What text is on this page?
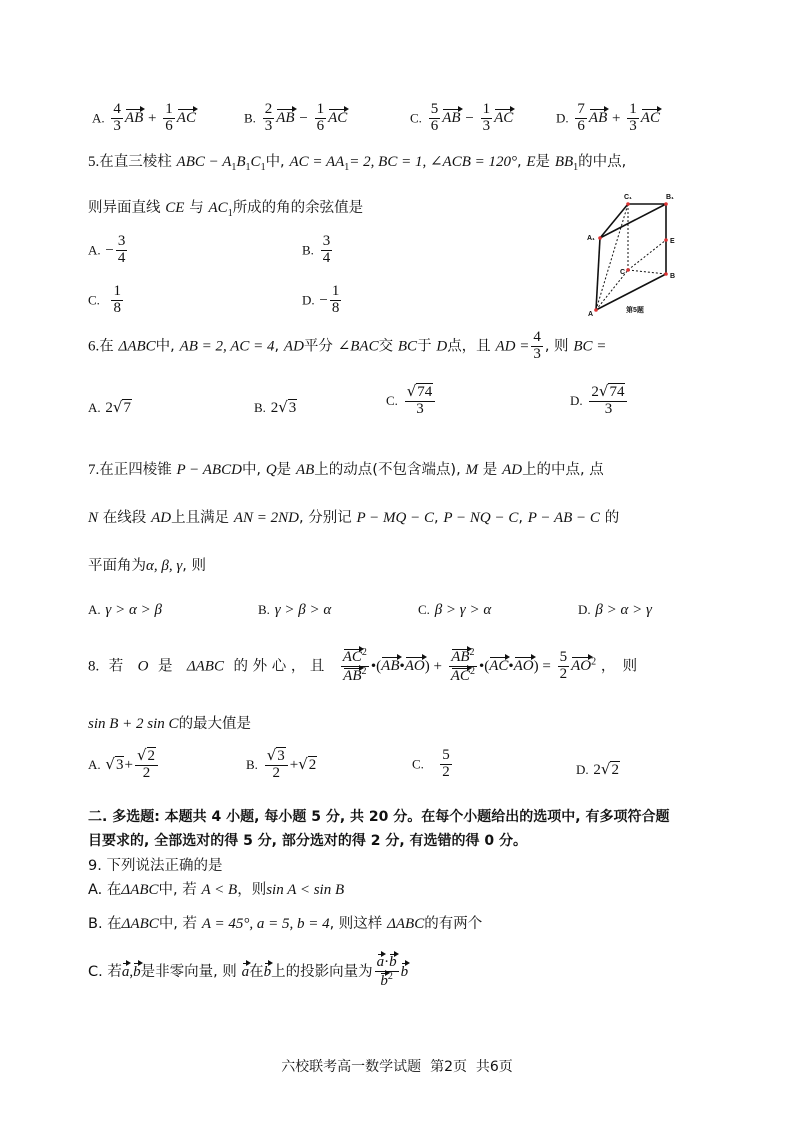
A. $\frac{4}{3}$ AB + $\frac{1}{6}$ AC	B. $\frac{2}{3}$ AB − $\frac{1}{6}$ AC	C. $\frac{5}{6}$ AB − $\frac{1}{3}$ AC	D. $\frac{7}{6}$ AB + $\frac{1}{3}$ AC
5.在直三棱柱 ABC − $A_1B_1C_1$中, AC = $AA_1= 2$, BC = 1, ∠ACB = 120°, E是 $BB_1$的中点,
则异面直线 CE 与 $AC_1$所成的角的余弦值是
A. − $\frac{3}{4}$	B. $\frac{3}{4}$
C. $\frac{1}{8}$	D. − $\frac{1}{8}$
C₁	B₁
A₁	E
C
B
A
第5题
6.在 ΔABC中, AB = 2, AC = 4, AD平分 ∠BAC交 BC于 D点，且 AD = $\frac{4}{3}$ , 则 BC =
A. 2√7	B. 2√3	C. $\frac{√74}{3}$	D. $\frac{2√74}{3}$
7.在正四棱锥 P − ABCD中, Q是 AB上的动点(不包含端点), M 是 AD上的中点, 点
N 在线段 AD上且满足 AN = 2ND, 分别记 P − MQ − C, P − NQ − C, P − AB − C 的
平面角为α, β, γ, 则
A. γ > α > β	B. γ > β > α	C. β > γ > α	D. β > α > γ
8. 若 O 是 ΔABC 的 外 心 ， 且 $\frac{AC^2}{AB^2}$ •(AB•AO) + $\frac{AB^2}{AC^2}$ •(AC•AO) = $\frac{5}{2} AO^2$ ，　则
sin B + 2 sin C的最大值是
A. $√3+ \frac{√2}{2}$	B. $\frac{√3}{2} +√2$	C. $\frac{5}{2}$	D. 2√2
二. 多选题: 本题共 4 小题, 每小题 5 分, 共 20 分。在每个小题给出的选项中, 有多项符合题
目要求的, 全部选对的得 5 分, 部分选对的得 2 分, 有选错的得 0 分。
9. 下列说法正确的是
A. 在ΔABC中, 若 A < B，则sin A < sin B
B. 在ΔABC中, 若 A = 45°, a = 5, b = 4, 则这样 ΔABC的有两个
C. 若a,b是非零向量, 则 a在b上的投影向量为 $\frac{a\cdot b}{b^2}$ b
六校联考高一数学试题  第2页  共6页
